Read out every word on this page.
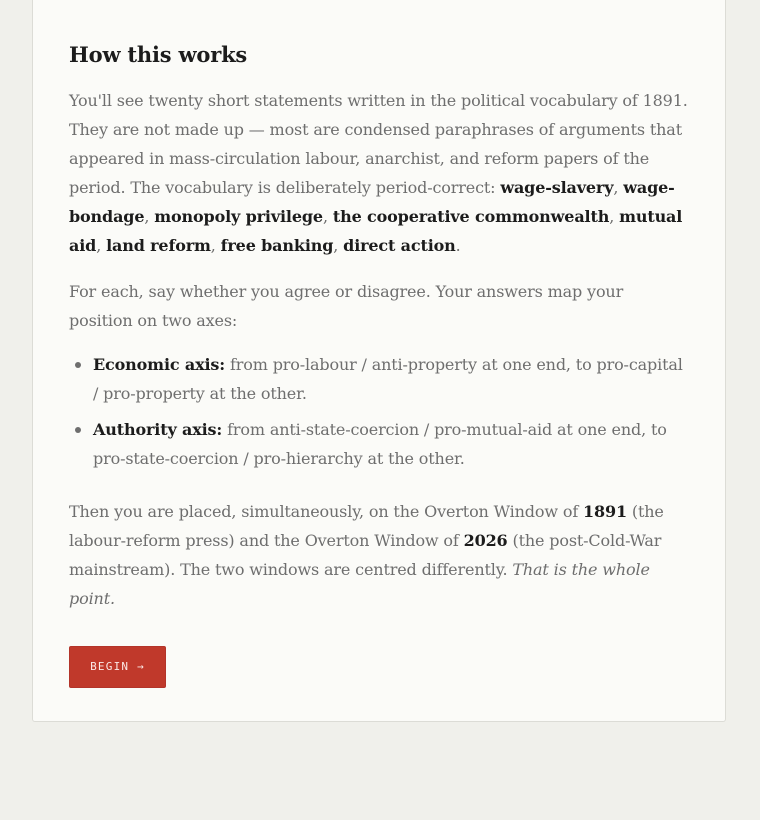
How this works

You'll see twenty short statements written in the political vocabulary of 1891. They are not made up — most are condensed paraphrases of arguments that appeared in mass-circulation labour, anarchist, and reform papers of the period. The vocabulary is deliberately period-correct: wage-slavery, wage-bondage, monopoly privilege, the cooperative commonwealth, mutual aid, land reform, free banking, direct action.

For each, say whether you agree or disagree. Your answers map your position on two axes:

Economic axis: from pro-labour / anti-property at one end, to pro-capital / pro-property at the other.
Authority axis: from anti-state-coercion / pro-mutual-aid at one end, to pro-state-coercion / pro-hierarchy at the other.

Then you are placed, simultaneously, on the Overton Window of 1891 (the labour-reform press) and the Overton Window of 2026 (the post-Cold-War mainstream). The two windows are centred differently. That is the whole point.

BEGIN →
